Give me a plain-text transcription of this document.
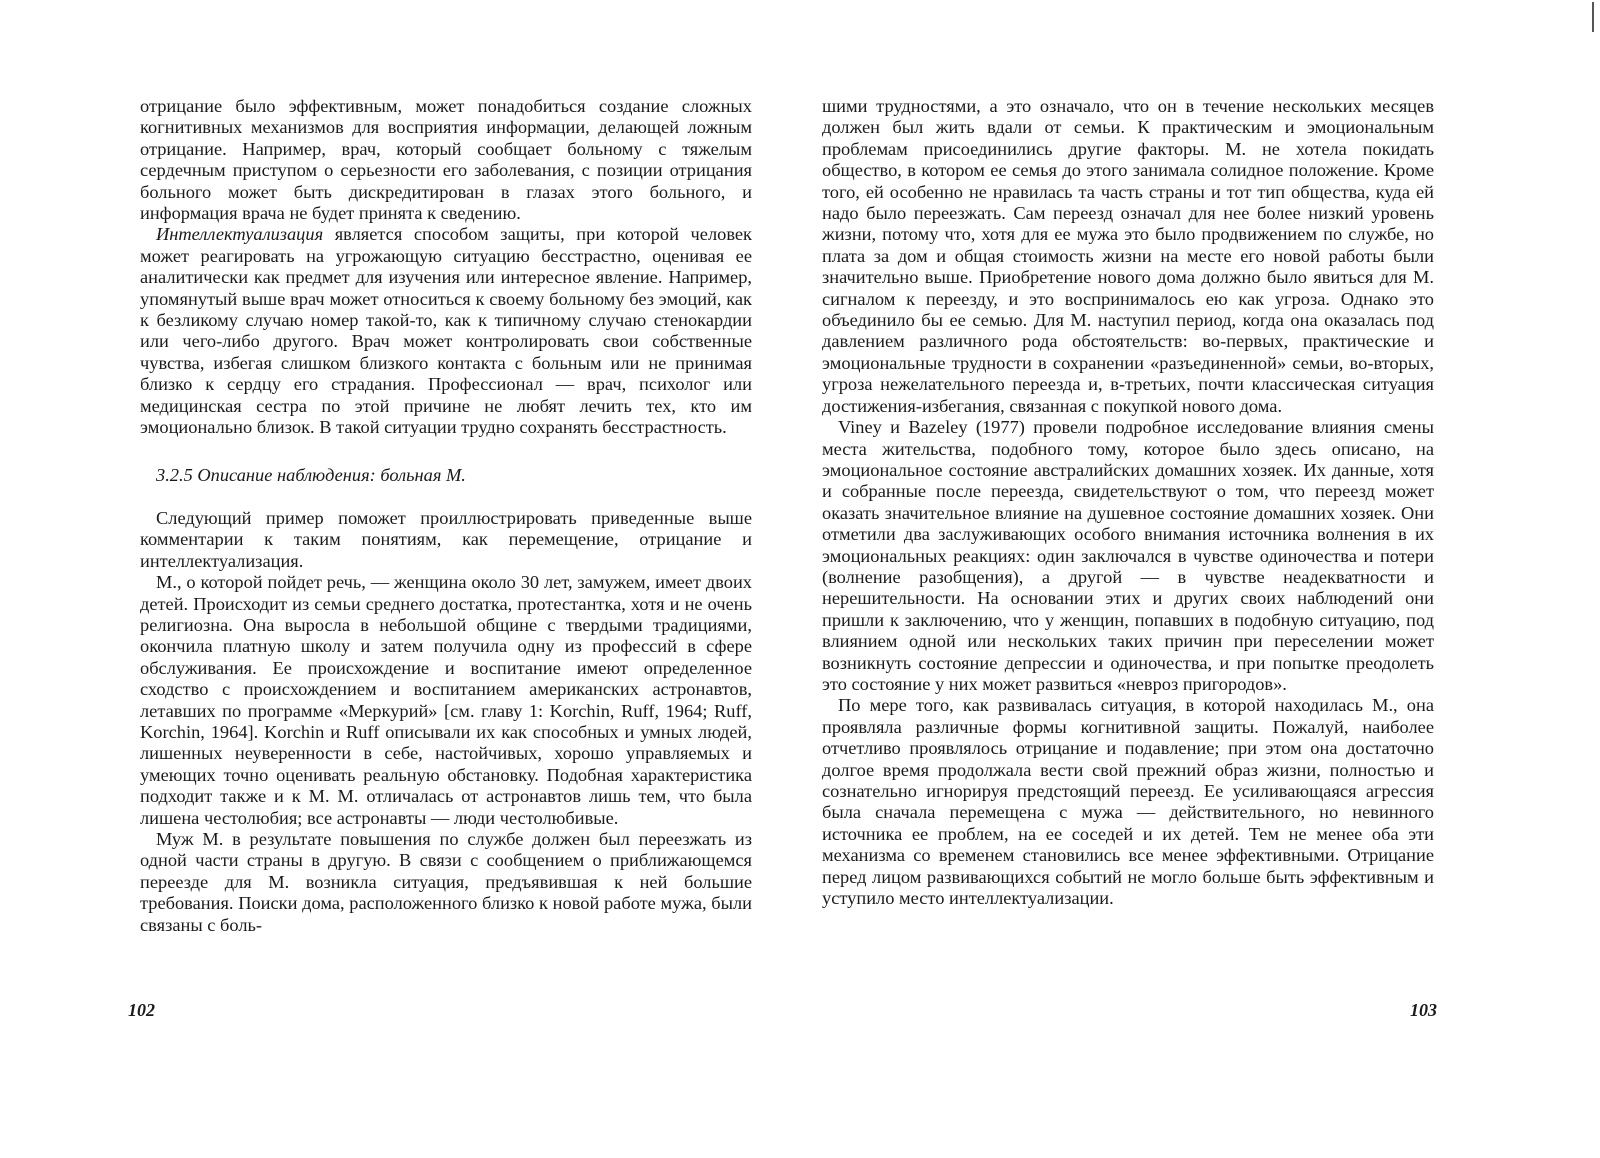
отрицание было эффективным, может понадобиться создание сложных когнитивных механизмов для восприятия информации, делающей ложным отрицание. Например, врач, который сообщает больному с тяжелым сердечным приступом о серьезности его заболевания, с позиции отрицания больного может быть дискредитирован в глазах этого больного, и информация врача не будет принята к сведению.

Интеллектуализация является способом защиты, при которой человек может реагировать на угрожающую ситуацию бесстрастно, оценивая ее аналитически как предмет для изучения или интересное явление. Например, упомянутый выше врач может относиться к своему больному без эмоций, как к безликому случаю номер такой-то, как к типичному случаю стенокардии или чего-либо другого. Врач может контролировать свои собственные чувства, избегая слишком близкого контакта с больным или не принимая близко к сердцу его страдания. Профессионал — врач, психолог или медицинская сестра по этой причине не любят лечить тех, кто им эмоционально близок. В такой ситуации трудно сохранять бесстрастность.

3.2.5 Описание наблюдения: больная М.

Следующий пример поможет проиллюстрировать приведенные выше комментарии к таким понятиям, как перемещение, отрицание и интеллектуализация.

М., о которой пойдет речь, — женщина около 30 лет, замужем, имеет двоих детей. Происходит из семьи среднего достатка, протестантка, хотя и не очень религиозна. Она выросла в небольшой общине с твердыми традициями, окончила платную школу и затем получила одну из профессий в сфере обслуживания. Ее происхождение и воспитание имеют определенное сходство с происхождением и воспитанием американских астронавтов, летавших по программе «Меркурий» [см. главу 1: Korchin, Ruff, 1964; Ruff, Korchin, 1964]. Korchin и Ruff описывали их как способных и умных людей, лишенных неуверенности в себе, настойчивых, хорошо управляемых и умеющих точно оценивать реальную обстановку. Подобная характеристика подходит также и к М. М. отличалась от астронавтов лишь тем, что была лишена честолюбия; все астронавты — люди честолюбивые.

Муж М. в результате повышения по службе должен был переезжать из одной части страны в другую. В связи с сообщением о приближающемся переезде для М. возникла ситуация, предъявившая к ней большие требования. Поиски дома, расположенного близко к новой работе мужа, были связаны с боль-

102

шими трудностями, а это означало, что он в течение нескольких месяцев должен был жить вдали от семьи. К практическим и эмоциональным проблемам присоединились другие факторы. М. не хотела покидать общество, в котором ее семья до этого занимала солидное положение. Кроме того, ей особенно не нравилась та часть страны и тот тип общества, куда ей надо было переезжать. Сам переезд означал для нее более низкий уровень жизни, потому что, хотя для ее мужа это было продвижением по службе, но плата за дом и общая стоимость жизни на месте его новой работы были значительно выше. Приобретение нового дома должно было явиться для М. сигналом к переезду, и это воспринималось ею как угроза. Однако это объединило бы ее семью. Для М. наступил период, когда она оказалась под давлением различного рода обстоятельств: во-первых, практические и эмоциональные трудности в сохранении «разъединенной» семьи, во-вторых, угроза нежелательного переезда и, в-третьих, почти классическая ситуация достижения-избегания, связанная с покупкой нового дома.

Viney и Bazeley (1977) провели подробное исследование влияния смены места жительства, подобного тому, которое было здесь описано, на эмоциональное состояние австралийских домашних хозяек. Их данные, хотя и собранные после переезда, свидетельствуют о том, что переезд может оказать значительное влияние на душевное состояние домашних хозяек. Они отметили два заслуживающих особого внимания источника волнения в их эмоциональных реакциях: один заключался в чувстве одиночества и потери (волнение разобщения), а другой — в чувстве неадекватности и нерешительности. На основании этих и других своих наблюдений они пришли к заключению, что у женщин, попавших в подобную ситуацию, под влиянием одной или нескольких таких причин при переселении может возникнуть состояние депрессии и одиночества, и при попытке преодолеть это состояние у них может развиться «невроз пригородов».

По мере того, как развивалась ситуация, в которой находилась М., она проявляла различные формы когнитивной защиты. Пожалуй, наиболее отчетливо проявлялось отрицание и подавление; при этом она достаточно долгое время продолжала вести свой прежний образ жизни, полностью и сознательно игнорируя предстоящий переезд. Ее усиливающаяся агрессия была сначала перемещена с мужа — действительного, но невинного источника ее проблем, на ее соседей и их детей. Тем не менее оба эти механизма со временем становились все менее эффективными. Отрицание перед лицом развивающихся событий не могло больше быть эффективным и уступило место интеллектуализации.

103
